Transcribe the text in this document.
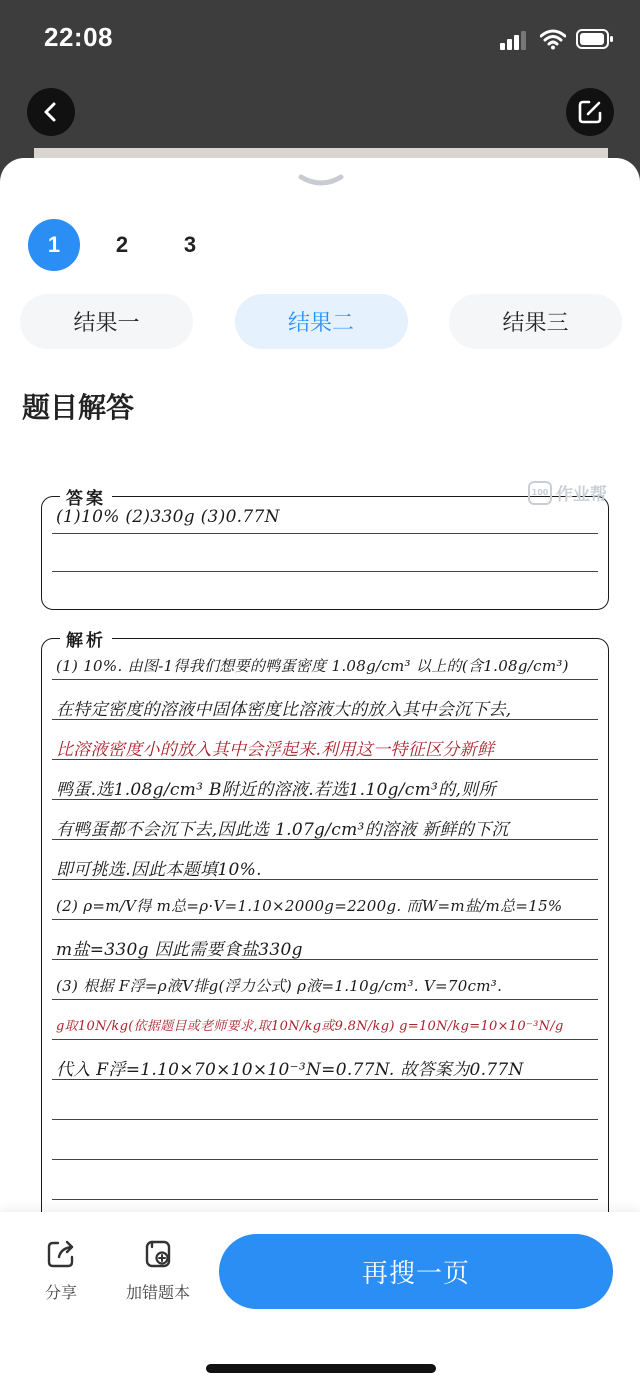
22:08
1	2	3
结果一	结果二	结果三
题目解答
答案
(1)10% (2)330g (3)0.77N
解析
(1) 10%. 由图-1得我们想要的鸭蛋密度 1.08g/cm³ 以上的(含1.08g/cm³)
在特定密度的溶液中固体密度比溶液大的放入其中会沉下去,
比溶液密度小的放入其中会浮起来.利用这一特征区分新鲜
鸭蛋.选1.08g/cm³ B附近的溶液.若选1.10g/cm³的,则所
有鸭蛋都不会沉下去,因此选 1.07g/cm³的溶液 新鲜的下沉
即可挑选.因此本题填10%.
(2) ρ=m/V得 m总=ρ·V=1.10×2000g=2200g. 而W=m盐/m总=15%
m盐=330g 因此需要食盐330g
(3) 根据 F浮=ρ液V排g(浮力公式) ρ液=1.10g/cm³. V=70cm³.
g取10N/kg(依据题目或老师要求,取10N/kg或9.8N/kg) g=10N/kg=10×10⁻³N/g
代入 F浮=1.10×70×10×10⁻³N=0.77N. 故答案为0.77N
100 作业帮
分享	加错题本
再搜一页
